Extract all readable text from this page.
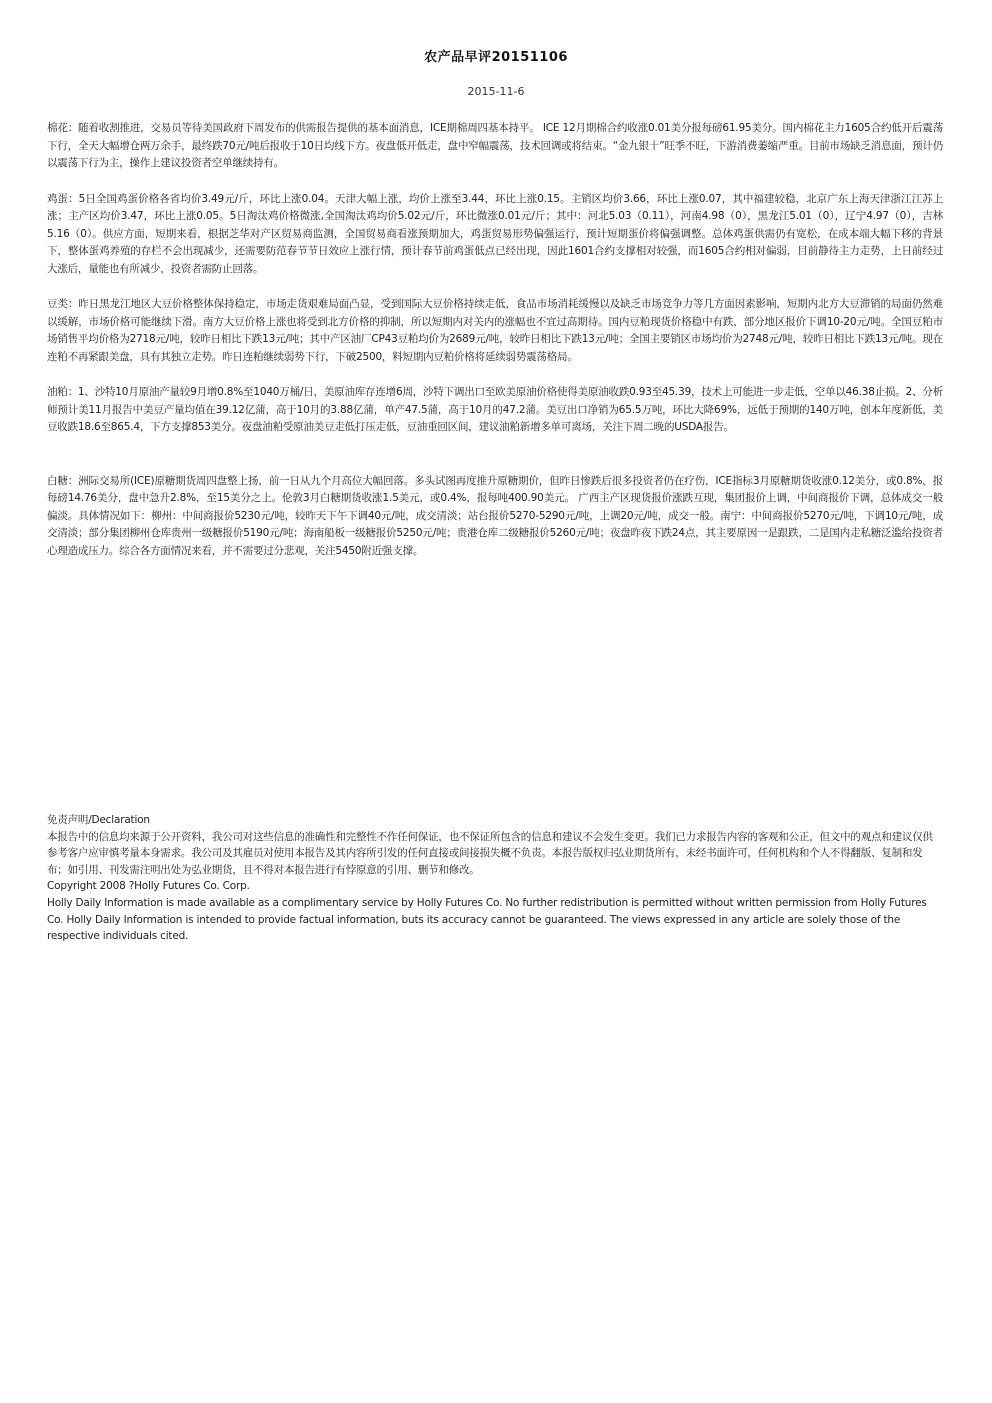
农产品早评20151106
2015-11-6

棉花：随着收割推进，交易员等待美国政府下周发布的供需报告提供的基本面消息，ICE期棉周四基本持平。 ICE 12月期棉合约收涨0.01美分报每磅61.95美分。国内棉花主力1605合约低开后震荡下行，全天大幅增仓两万余手，最终跌70元/吨后报收于10日均线下方。夜盘低开低走，盘中窄幅震荡，技术回调或将结束。“金九银十”旺季不旺，下游消费萎缩严重。目前市场缺乏消息面，预计仍以震荡下行为主，操作上建议投资者空单继续持有。

鸡蛋：5日全国鸡蛋价格各省均价3.49元/斤，环比上涨0.04。天津大幅上涨，均价上涨至3.44，环比上涨0.15。主销区均价3.66，环比上涨0.07，其中福建较稳，北京广东上海天津浙江江苏上涨；主产区均价3.47，环比上涨0.05。5日淘汰鸡价格微涨,全国淘汰鸡均价5.02元/斤，环比微涨0.01元/斤；其中：河北5.03（0.11），河南4.98（0），黑龙江5.01（0），辽宁4.97（0），吉林5.16（0）。供应方面，短期来看，根据芝华对产区贸易商监测，全国贸易商看涨预期加大，鸡蛋贸易形势偏强运行，预计短期蛋价将偏强调整。总体鸡蛋供需仍有宽松，在成本端大幅下移的背景下，整体蛋鸡养殖的存栏不会出现减少，还需要防范春节节日效应上涨行情，预计春节前鸡蛋低点已经出现，因此1601合约支撑相对较强，而1605合约相对偏弱，目前静待主力走势，上日前经过大涨后，量能也有所减少，投资者需防止回落。

豆类：昨日黑龙江地区大豆价格整体保持稳定，市场走货艰难局面凸显，受到国际大豆价格持续走低，食品市场消耗缓慢以及缺乏市场竞争力等几方面因素影响，短期内北方大豆滞销的局面仍然难以缓解，市场价格可能继续下滑。南方大豆价格上涨也将受到北方价格的抑制，所以短期内对关内的涨幅也不宜过高期待。国内豆粕现货价格稳中有跌，部分地区报价下调10-20元/吨。全国豆粕市场销售平均价格为2718元/吨，较昨日相比下跌13元/吨；其中产区油厂CP43豆粕均价为2689元/吨，较昨日相比下跌13元/吨；全国主要销区市场均价为2748元/吨，较昨日相比下跌13元/吨。现在连粕不再紧跟美盘，具有其独立走势。昨日连粕继续弱势下行，下破2500，料短期内豆粕价格将延续弱势震荡格局。

油粕：1、沙特10月原油产量较9月增0.8%至1040万桶/日，美原油库存连增6周，沙特下调出口至欧美原油价格使得美原油收跌0.93至45.39，技术上可能进一步走低，空单以46.38止损。2、分析师预计美11月报告中美豆产量均值在39.12亿蒲，高于10月的3.88亿蒲，单产47.5蒲，高于10月的47.2蒲。美豆出口净销为65.5万吨，环比大降69%，远低于预期的140万吨，创本年度新低，美豆收跌18.6至865.4，下方支撑853美分。夜盘油粕受原油美豆走低打压走低，豆油重回区间，建议油粕新增多单可离场，关注下周二晚的USDA报告。

白糖：洲际交易所(ICE)原糖期货周四盘整上扬，前一日从九个月高位大幅回落。多头试图再度推升原糖期价，但昨日惨跌后很多投资者仍在疗伤，ICE指标3月原糖期货收涨0.12美分，或0.8%，报每磅14.76美分，盘中急升2.8%，至15美分之上。伦敦3月白糖期货收涨1.5美元，或0.4%，报每吨400.90美元。 广西主产区现货报价涨跌互现，集团报价上调，中间商报价下调，总体成交一般偏淡。具体情况如下：柳州：中间商报价5230元/吨，较昨天下午下调40元/吨，成交清淡；站台报价5270-5290元/吨，上调20元/吨，成交一般。南宁：中间商报价5270元/吨，下调10元/吨，成交清淡；部分集团柳州仓库贵州一级糖报价5190元/吨；海南船板一级糖报价5250元/吨；贵港仓库二级糖报价5260元/吨；夜盘昨夜下跌24点，其主要原因一是跟跌，二是国内走私糖泛滥给投资者心理造成压力。综合各方面情况来看，并不需要过分悲观，关注5450附近强支撑。

免责声明/Declaration

本报告中的信息均来源于公开资料，我公司对这些信息的准确性和完整性不作任何保证，也不保证所包含的信息和建议不会发生变更。我们已力求报告内容的客观和公正，但文中的观点和建议仅供参考客户应审慎考量本身需求。我公司及其雇员对使用本报告及其内容所引发的任何直接或间接损失概不负责。本报告版权归弘业期货所有，未经书面许可，任何机构和个人不得翻版、复制和发布；如引用、刊发需注明出处为弘业期货，且不得对本报告进行有悖原意的引用、删节和修改。

Copyright 2008 ?Holly Futures Co. Corp.

Holly Daily Information is made available as a complimentary service by Holly Futures Co. No further redistribution is permitted without written permission from Holly Futures Co. Holly Daily Information is intended to provide factual information, buts its accuracy cannot be guaranteed. The views expressed in any article are solely those of the respective individuals cited.
